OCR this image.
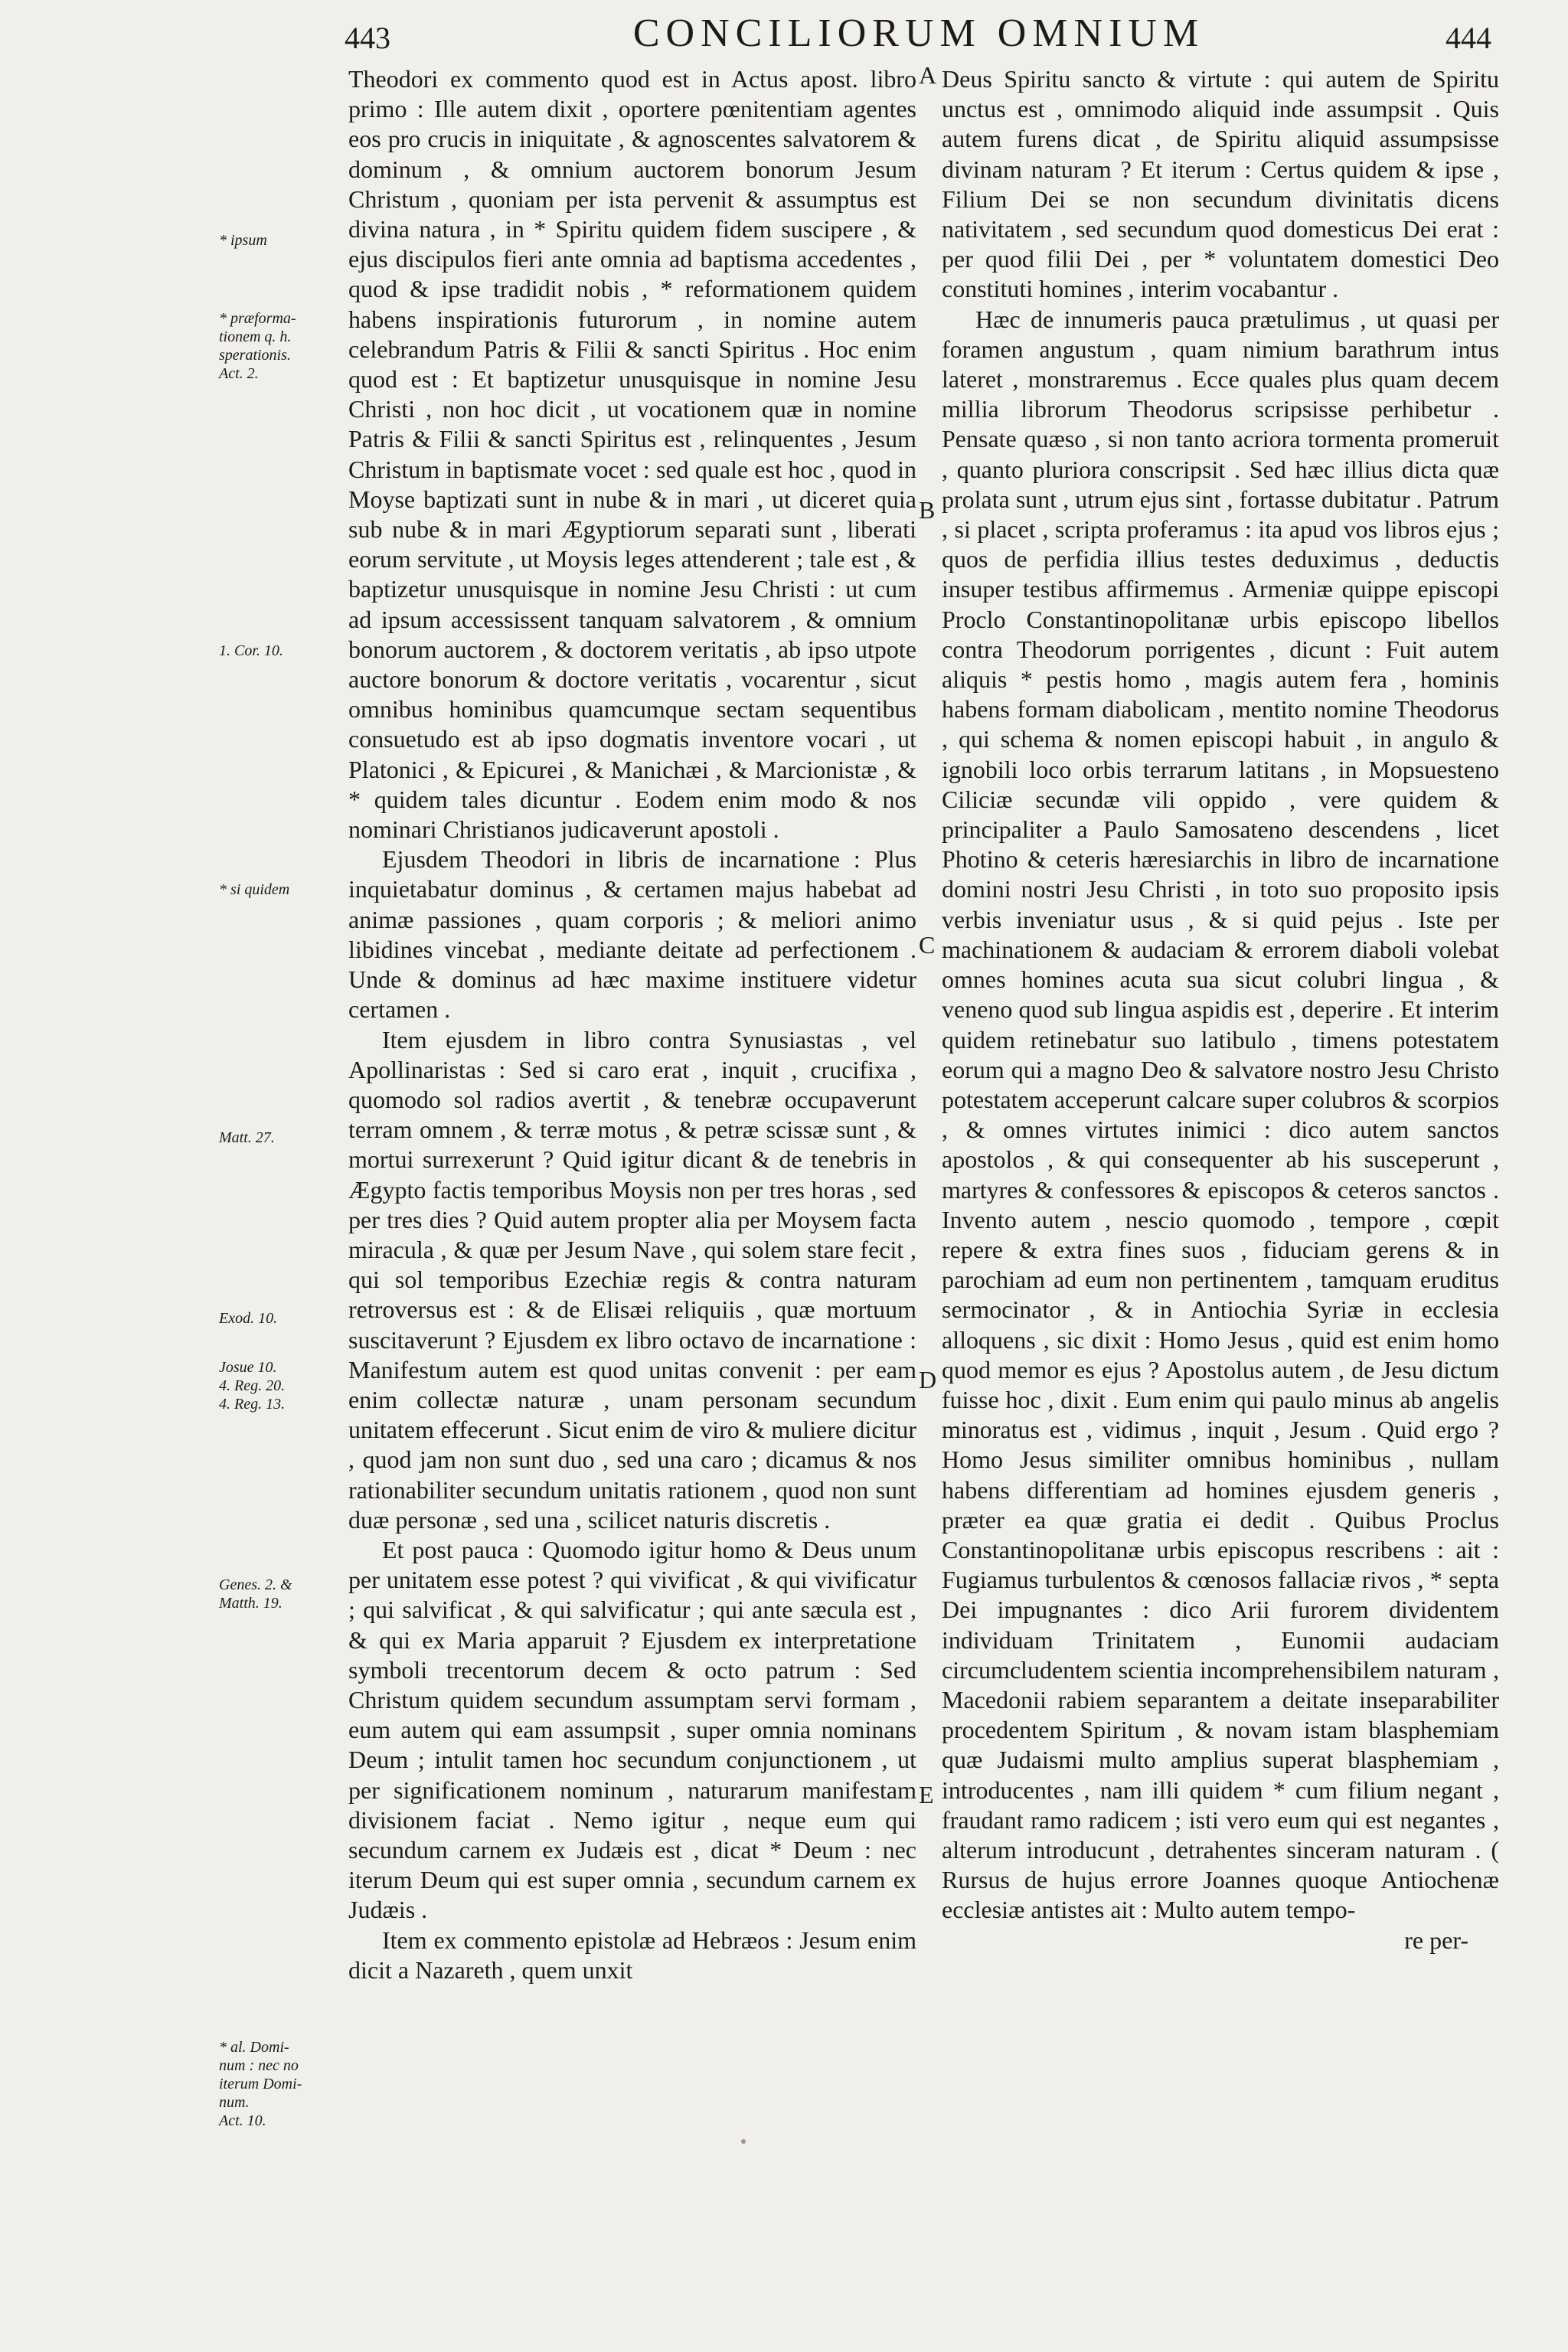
443	CONCILIORUM OMNIUM	444
* ipsum
* præforma-
tionem q. h.
sperationis.
Act. 2.
1. Cor. 10.
* si quidem
Matt. 27.
Exod. 10.
Josue 10.
4. Reg. 20.
4. Reg. 13.
Genes. 2. &
Matth. 19.
* al. Domi-
num : nec no
iterum Domi-
num.
Act. 10.

Theodori ex commento quod est in Actus apost. libro primo : Ille autem dixit , oportere pœnitentiam agentes eos pro crucis in iniquitate , & agnoscentes salvatorem & dominum , & omnium auctorem bonorum Jesum Christum , quoniam per ista pervenit & assumptus est divina natura , in * Spiritu quidem fidem suscipere , & ejus discipulos fieri ante omnia ad baptisma accedentes , quod & ipse tradidit nobis , * reformationem quidem habens inspirationis futurorum , in nomine autem celebrandum Patris & Filii & sancti Spiritus . Hoc enim quod est : Et baptizetur unusquisque in nomine Jesu Christi , non hoc dicit , ut vocationem quæ in nomine Patris & Filii & sancti Spiritus est , relinquentes , Jesum Christum in baptismate vocet : sed quale est hoc , quod in Moyse baptizati sunt in nube & in mari , ut diceret quia sub nube & in mari Ægyptiorum separati sunt , liberati eorum servitute , ut Moysis leges attenderent ; tale est , & baptizetur unusquisque in nomine Jesu Christi : ut cum ad ipsum accessissent tanquam salvatorem , & omnium bonorum auctorem , & doctorem veritatis , ab ipso utpote auctore bonorum & doctore veritatis , vocarentur , sicut omnibus hominibus quamcumque sectam sequentibus consuetudo est ab ipso dogmatis inventore vocari , ut Platonici , & Epicurei , & Manichæi , & Marcionistæ , & * quidem tales dicuntur . Eodem enim modo & nos nominari Christianos judicaverunt apostoli .

Ejusdem Theodori in libris de incarnatione : Plus inquietabatur dominus , & certamen majus habebat ad animæ passiones , quam corporis ; & meliori animo libidines vincebat , mediante deitate ad perfectionem . Unde & dominus ad hæc maxime instituere videtur certamen .

Item ejusdem in libro contra Synusiastas , vel Apollinaristas : Sed si caro erat , inquit , crucifixa , quomodo sol radios avertit , & tenebræ occupaverunt terram omnem , & terræ motus , & petræ scissæ sunt , & mortui surrexerunt ? Quid igitur dicant & de tenebris in Ægypto factis temporibus Moysis non per tres horas , sed per tres dies ? Quid autem propter alia per Moysem facta miracula , & quæ per Jesum Nave , qui solem stare fecit , qui sol temporibus Ezechiæ regis & contra naturam retroversus est : & de Elisæi reliquiis , quæ mortuum suscitaverunt ? Ejusdem ex libro octavo de incarnatione : Manifestum autem est quod unitas convenit : per eam enim collectæ naturæ , unam personam secundum unitatem effecerunt . Sicut enim de viro & muliere dicitur , quod jam non sunt duo , sed una caro ; dicamus & nos rationabiliter secundum unitatis rationem , quod non sunt duæ personæ , sed una , scilicet naturis discretis .

Et post pauca : Quomodo igitur homo & Deus unum per unitatem esse potest ? qui vivificat , & qui vivificatur ; qui salvificat , & qui salvificatur ; qui ante sæcula est , & qui ex Maria apparuit ? Ejusdem ex interpretatione symboli trecentorum decem & octo patrum : Sed Christum quidem secundum assumptam servi formam , eum autem qui eam assumpsit , super omnia nominans Deum ; intulit tamen hoc secundum conjunctionem , ut per significationem nominum , naturarum manifestam divisionem faciat . Nemo igitur , neque eum qui secundum carnem ex Judæis est , dicat * Deum : nec iterum Deum qui est super omnia , secundum carnem ex Judæis .

Item ex commento epistolæ ad Hebræos : Jesum enim dicit a Nazareth , quem unxit

A
B
C
D
E

Deus Spiritu sancto & virtute : qui autem de Spiritu unctus est , omnimodo aliquid inde assumpsit . Quis autem furens dicat , de Spiritu aliquid assumpsisse divinam naturam ? Et iterum : Certus quidem & ipse , Filium Dei se non secundum divinitatis dicens nativitatem , sed secundum quod domesticus Dei erat : per quod filii Dei , per * voluntatem domestici Deo constituti homines , interim vocabantur .

Hæc de innumeris pauca prætulimus , ut quasi per foramen angustum , quam nimium barathrum intus lateret , monstraremus . Ecce quales plus quam decem millia librorum Theodorus scripsisse perhibetur . Pensate quæso , si non tanto acriora tormenta promeruit , quanto pluriora conscripsit . Sed hæc illius dicta quæ prolata sunt , utrum ejus sint , fortasse dubitatur . Patrum , si placet , scripta proferamus : ita apud vos libros ejus ; quos de perfidia illius testes deduximus , deductis insuper testibus affirmemus . Armeniæ quippe episcopi Proclo Constantinopolitanæ urbis episcopo libellos contra Theodorum porrigentes , dicunt : Fuit autem aliquis * pestis homo , magis autem fera , hominis habens formam diabolicam , mentito nomine Theodorus , qui schema & nomen episcopi habuit , in angulo & ignobili loco orbis terrarum latitans , in Mopsuesteno Ciliciæ secundæ vili oppido , vere quidem & principaliter a Paulo Samosateno descendens , licet Photino & ceteris hæresiarchis in libro de incarnatione domini nostri Jesu Christi , in toto suo proposito ipsis verbis inveniatur usus , & si quid pejus . Iste per machinationem & audaciam & errorem diaboli volebat omnes homines acuta sua sicut colubri lingua , & veneno quod sub lingua aspidis est , deperire . Et interim quidem retinebatur suo latibulo , timens potestatem eorum qui a magno Deo & salvatore nostro Jesu Christo potestatem acceperunt calcare super colubros & scorpios , & omnes virtutes inimici : dico autem sanctos apostolos , & qui consequenter ab his susceperunt , martyres & confessores & episcopos & ceteros sanctos . Invento autem , nescio quomodo , tempore , cœpit repere & extra fines suos , fiduciam gerens & in parochiam ad eum non pertinentem , tamquam eruditus sermocinator , & in Antiochia Syriæ in ecclesia alloquens , sic dixit : Homo Jesus , quid est enim homo quod memor es ejus ? Apostolus autem , de Jesu dictum fuisse hoc , dixit . Eum enim qui paulo minus ab angelis minoratus est , vidimus , inquit , Jesum . Quid ergo ? Homo Jesus similiter omnibus hominibus , nullam habens differentiam ad homines ejusdem generis , præter ea quæ gratia ei dedit . Quibus Proclus Constantinopolitanæ urbis episcopus rescribens : ait : Fugiamus turbulentos & cœnosos fallaciæ rivos , * septa Dei impugnantes : dico Arii furorem dividentem individuam Trinitatem , Eunomii audaciam circumcludentem scientia incomprehensibilem naturam , Macedonii rabiem separantem a deitate inseparabiliter procedentem Spiritum , & novam istam blasphemiam quæ Judaismi multo amplius superat blasphemiam , introducentes , nam illi quidem * cum filium negant , fraudant ramo radicem ; isti vero eum qui est negantes , alterum introducunt , detrahentes sinceram naturam . ( Rursus de hujus errore Joannes quoque Antiochenæ ecclesiæ antistes ait : Multo autem tempo-

re per-
